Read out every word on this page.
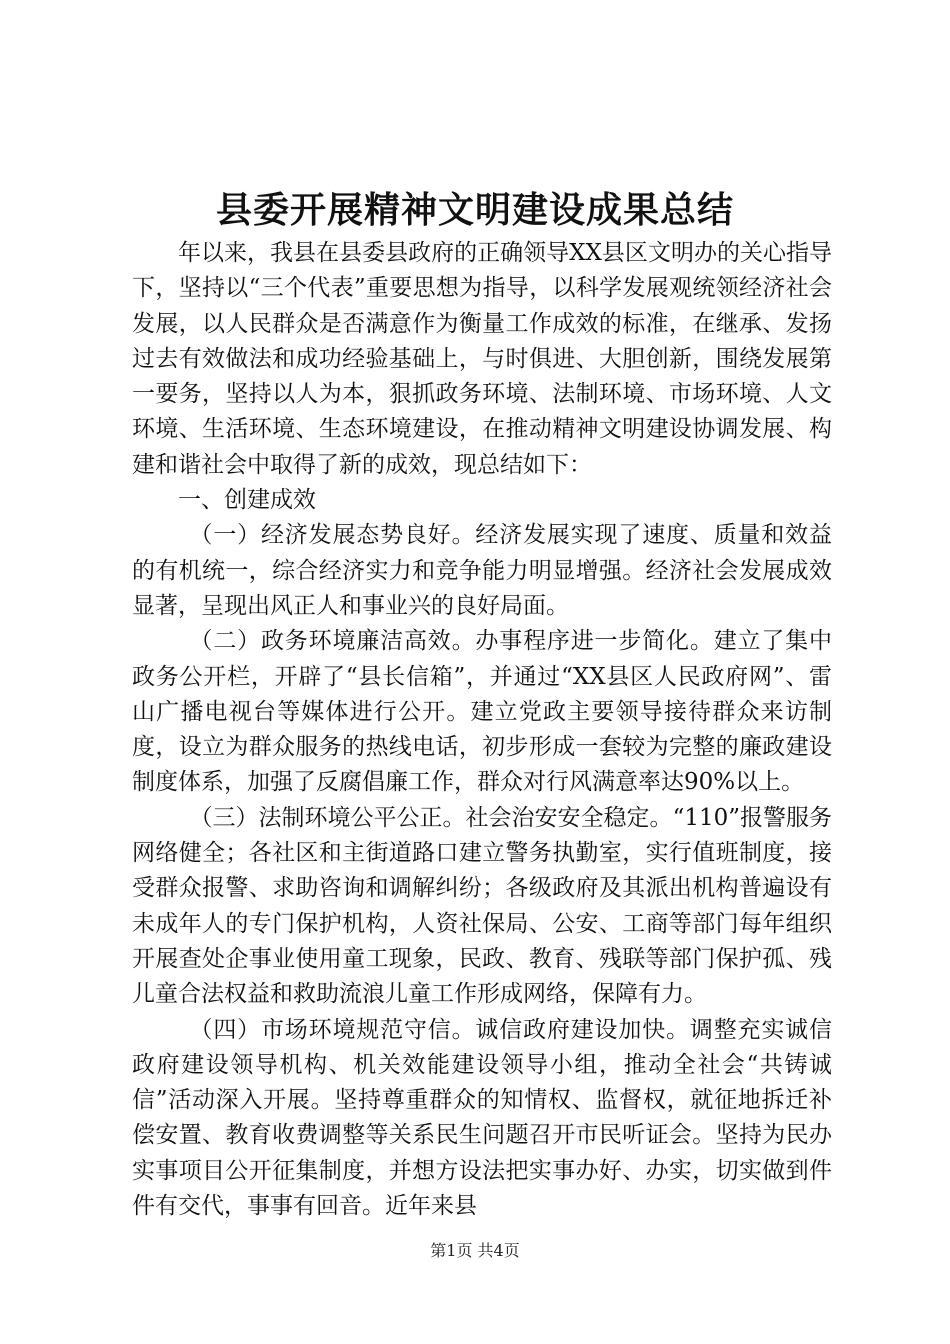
县委开展精神文明建设成果总结

年以来，我县在县委县政府的正确领导XX县区文明办的关心指导下，坚持以“三个代表”重要思想为指导，以科学发展观统领经济社会发展，以人民群众是否满意作为衡量工作成效的标准，在继承、发扬过去有效做法和成功经验基础上，与时俱进、大胆创新，围绕发展第一要务，坚持以人为本，狠抓政务环境、法制环境、市场环境、人文环境、生活环境、生态环境建设，在推动精神文明建设协调发展、构建和谐社会中取得了新的成效，现总结如下：

一、创建成效

（一）经济发展态势良好。经济发展实现了速度、质量和效益的有机统一，综合经济实力和竞争能力明显增强。经济社会发展成效显著，呈现出风正人和事业兴的良好局面。

（二）政务环境廉洁高效。办事程序进一步简化。建立了集中政务公开栏，开辟了“县长信箱”，并通过“XX县区人民政府网”、雷山广播电视台等媒体进行公开。建立党政主要领导接待群众来访制度，设立为群众服务的热线电话，初步形成一套较为完整的廉政建设制度体系，加强了反腐倡廉工作，群众对行风满意率达90%以上。

（三）法制环境公平公正。社会治安安全稳定。“110”报警服务网络健全；各社区和主街道路口建立警务执勤室，实行值班制度，接受群众报警、求助咨询和调解纠纷；各级政府及其派出机构普遍设有未成年人的专门保护机构，人资社保局、公安、工商等部门每年组织开展查处企事业使用童工现象，民政、教育、残联等部门保护孤、残儿童合法权益和救助流浪儿童工作形成网络，保障有力。

（四）市场环境规范守信。诚信政府建设加快。调整充实诚信政府建设领导机构、机关效能建设领导小组，推动全社会“共铸诚信”活动深入开展。坚持尊重群众的知情权、监督权，就征地拆迁补偿安置、教育收费调整等关系民生问题召开市民听证会。坚持为民办实事项目公开征集制度，并想方设法把实事办好、办实，切实做到件件有交代，事事有回音。近年来县

第1页 共4页
